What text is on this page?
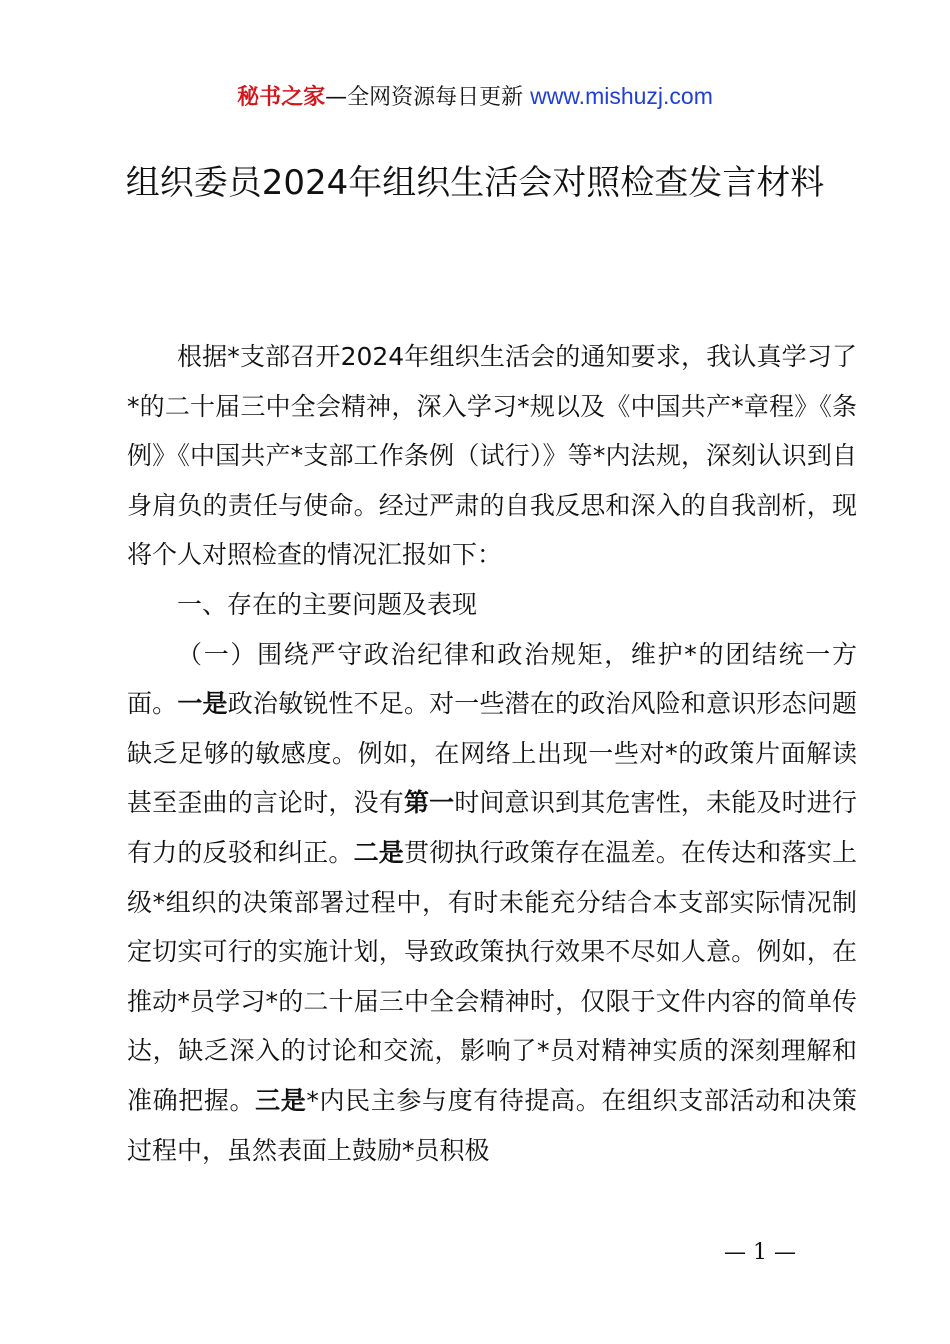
秘书之家—全网资源每日更新 www.mishuzj.com
组织委员2024年组织生活会对照检查发言材料

根据*支部召开2024年组织生活会的通知要求，我认真学习了*的二十届三中全会精神，深入学习*规以及《中国共产*章程》《条例》《中国共产*支部工作条例（试行）》等*内法规，深刻认识到自身肩负的责任与使命。经过严肃的自我反思和深入的自我剖析，现将个人对照检查的情况汇报如下：

一、存在的主要问题及表现

（一）围绕严守政治纪律和政治规矩，维护*的团结统一方面。一是政治敏锐性不足。对一些潜在的政治风险和意识形态问题缺乏足够的敏感度。例如，在网络上出现一些对*的政策片面解读甚至歪曲的言论时，没有第一时间意识到其危害性，未能及时进行有力的反驳和纠正。二是贯彻执行政策存在温差。在传达和落实上级*组织的决策部署过程中，有时未能充分结合本支部实际情况制定切实可行的实施计划，导致政策执行效果不尽如人意。例如，在推动*员学习*的二十届三中全会精神时，仅限于文件内容的简单传达，缺乏深入的讨论和交流，影响了*员对精神实质的深刻理解和准确把握。三是*内民主参与度有待提高。在组织支部活动和决策过程中，虽然表面上鼓励*员积极

— 1 —
